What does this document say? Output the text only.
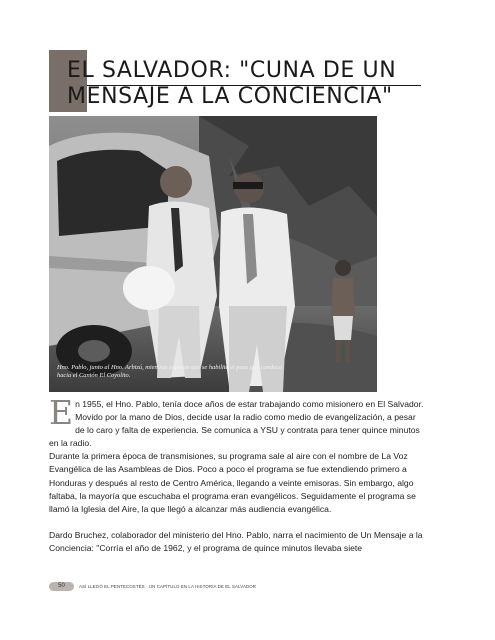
EL SALVADOR: "CUNA DE UN MENSAJE A LA CONCIENCIA"

Hno. Pablo, junto al Hno. Arbizú, mientras esperan que se habilite el paso que conduce hacia el Cantón El Coyolito.

E n 1955, el Hno. Pablo, tenía doce años de estar trabajando como misionero en El Salvador. Movido por la mano de Dios, decide usar la radio como medio de evangelización, a pesar de lo caro y falta de experiencia. Se comunica a YSU y contrata para tener quince minutos en la radio.

Durante la primera época de transmisiones, su programa sale al aire con el nombre de La Voz Evangélica de las Asambleas de Dios. Poco a poco el programa se fue extendiendo primero a Honduras y después al resto de Centro América, llegando a veinte emisoras. Sin embargo, algo faltaba, la mayoría que escuchaba el programa eran evangélicos. Seguidamente el programa se llamó la Iglesia del Aire, la que llegó a alcanzar más audiencia evangélica.

Dardo Bruchez, colaborador del ministerio del Hno. Pablo, narra el nacimiento de Un Mensaje a la Conciencia: "Corría el año de 1962, y el programa de quince minutos llevaba siete

50	ASÍ LLEGÓ EL PENTECOSTÉS · UN CAPÍTULO EN LA HISTORIA DE EL SALVADOR
